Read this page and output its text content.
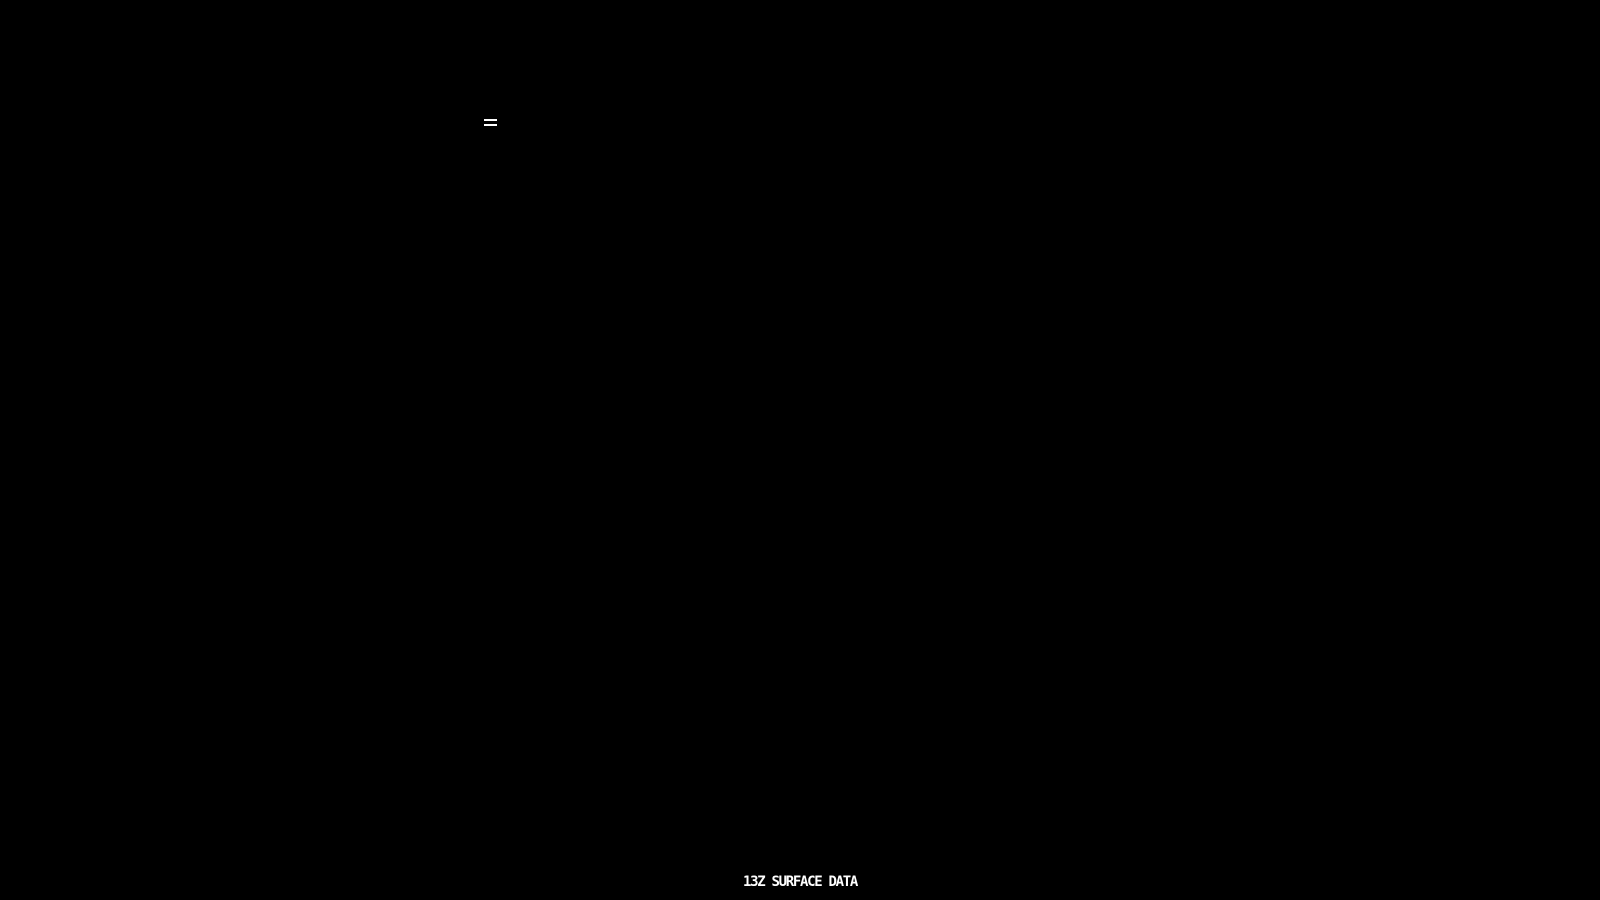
13Z SURFACE DATA
